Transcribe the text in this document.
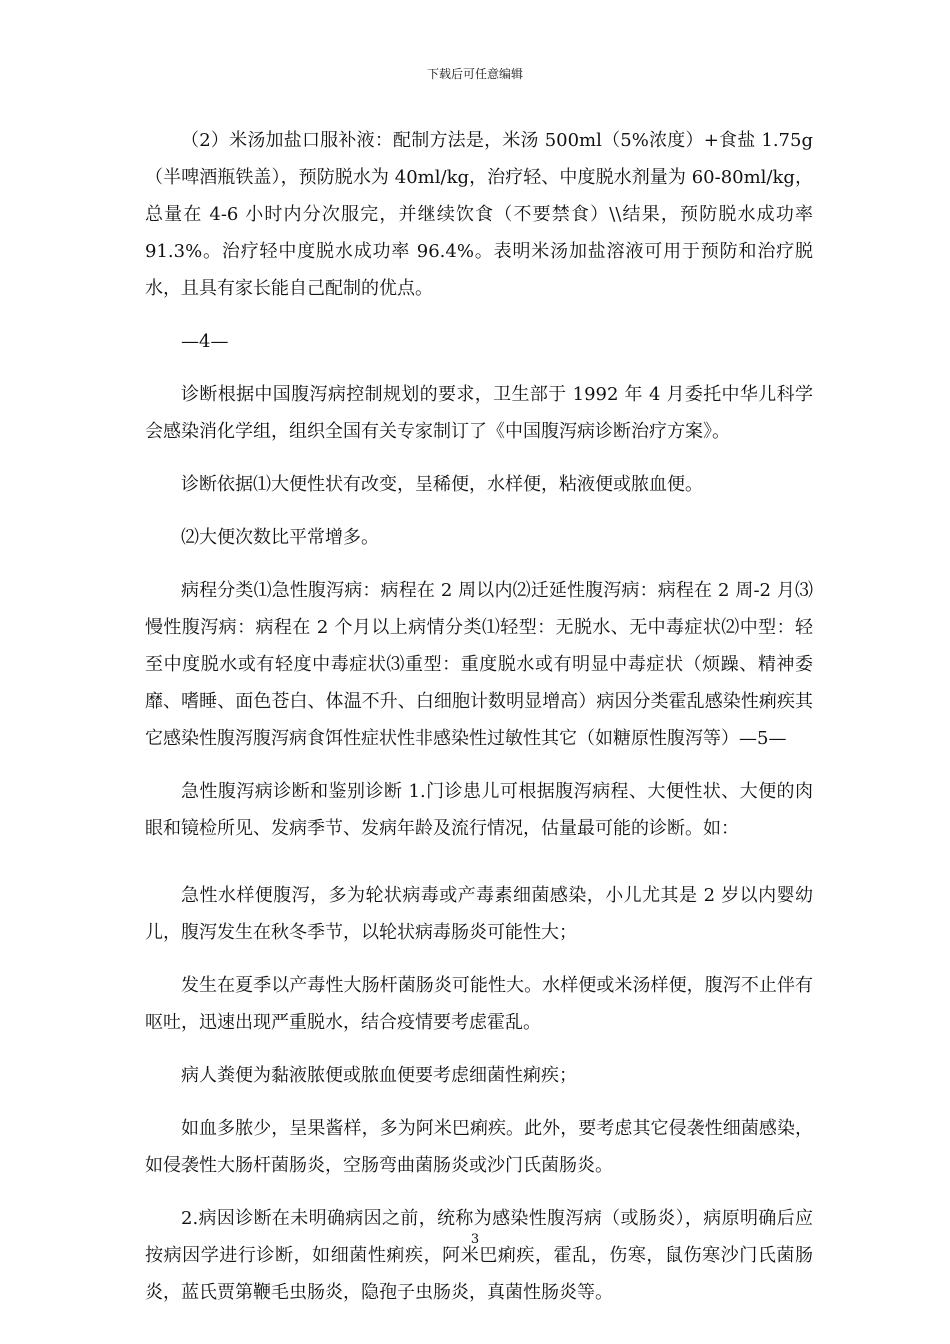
下载后可任意编辑

（2）米汤加盐口服补液：配制方法是，米汤 500ml（5%浓度）+食盐 1.75g（半啤酒瓶铁盖），预防脱水为 40ml/kg，治疗轻、中度脱水剂量为 60-80ml/kg，总量在 4-6 小时内分次服完，并继续饮食（不要禁食）\\结果，预防脱水成功率 91.3%。治疗轻中度脱水成功率 96.4%。表明米汤加盐溶液可用于预防和治疗脱水，且具有家长能自己配制的优点。

—4—

诊断根据中国腹泻病控制规划的要求，卫生部于 1992 年 4 月委托中华儿科学会感染消化学组，组织全国有关专家制订了《中国腹泻病诊断治疗方案》。

诊断依据⑴大便性状有改变，呈稀便，水样便，粘液便或脓血便。

⑵大便次数比平常增多。

病程分类⑴急性腹泻病：病程在 2 周以内⑵迁延性腹泻病：病程在 2 周-2 月⑶慢性腹泻病：病程在 2 个月以上病情分类⑴轻型：无脱水、无中毒症状⑵中型：轻至中度脱水或有轻度中毒症状⑶重型：重度脱水或有明显中毒症状（烦躁、精神委靡、嗜睡、面色苍白、体温不升、白细胞计数明显增高）病因分类霍乱感染性痢疾其它感染性腹泻腹泻病食饵性症状性非感染性过敏性其它（如糖原性腹泻等）—5—

急性腹泻病诊断和鉴别诊断 1.门诊患儿可根据腹泻病程、大便性状、大便的肉眼和镜检所见、发病季节、发病年龄及流行情况，估量最可能的诊断。如：

急性水样便腹泻，多为轮状病毒或产毒素细菌感染，小儿尤其是 2 岁以内婴幼儿，腹泻发生在秋冬季节，以轮状病毒肠炎可能性大；

发生在夏季以产毒性大肠杆菌肠炎可能性大。水样便或米汤样便，腹泻不止伴有呕吐，迅速出现严重脱水，结合疫情要考虑霍乱。

病人粪便为黏液脓便或脓血便要考虑细菌性痢疾；

如血多脓少，呈果酱样，多为阿米巴痢疾。此外，要考虑其它侵袭性细菌感染，如侵袭性大肠杆菌肠炎，空肠弯曲菌肠炎或沙门氏菌肠炎。

2.病因诊断在未明确病因之前，统称为感染性腹泻病（或肠炎），病原明确后应按病因学进行诊断，如细菌性痢疾，阿米巴痢疾，霍乱，伤寒，鼠伤寒沙门氏菌肠炎，蓝氏贾第鞭毛虫肠炎，隐孢子虫肠炎，真菌性肠炎等。

3
